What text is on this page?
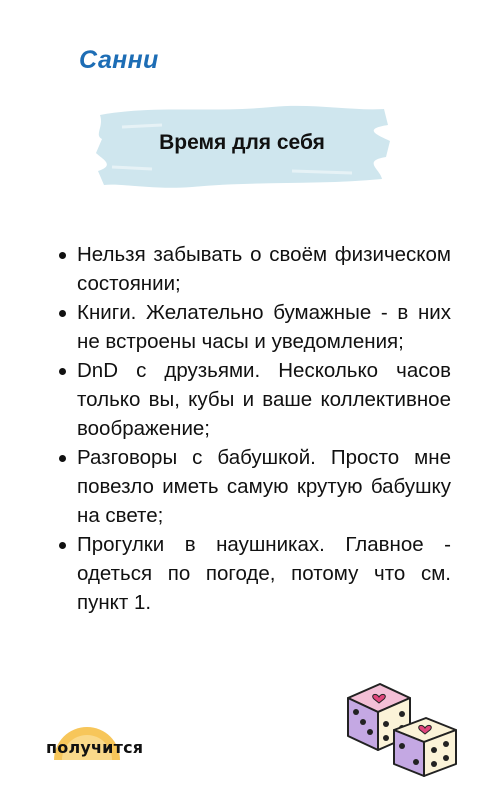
Санни
Время для себя
Нельзя забывать о своём физическом состоянии;
Книги. Желательно бумажные - в них не встроены часы и уведомления;
DnD с друзьями. Несколько часов только вы, кубы и ваше коллективное воображение;
Разговоры с бабушкой. Просто мне повезло иметь самую крутую бабушку на свете;
Прогулки в наушниках. Главное - одеться по погоде, потому что см. пункт 1.
получится
